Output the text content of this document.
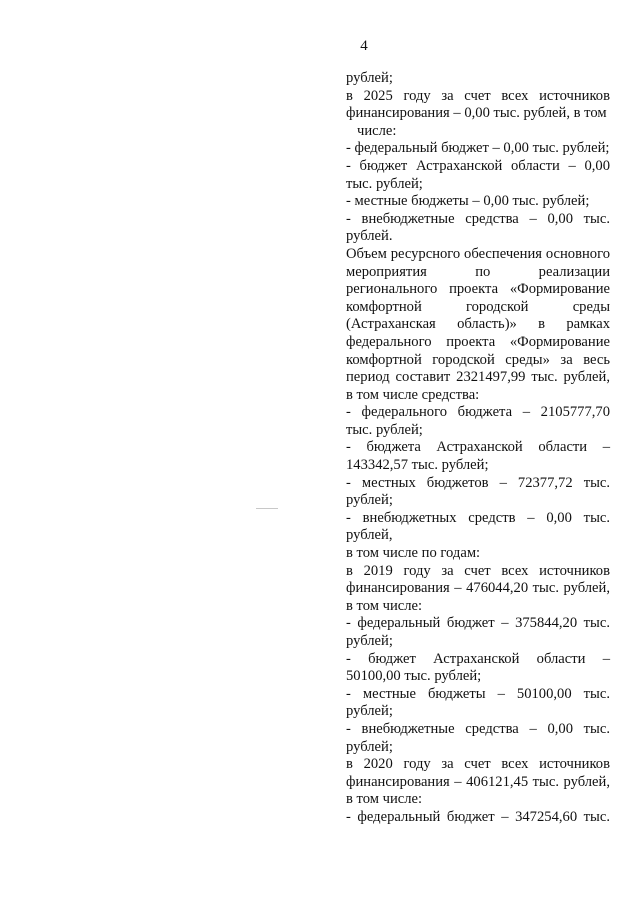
4

рублей;

в 2025 году за счет всех источников финансирования – 0,00 тыс. рублей, в том

числе:

- федеральный бюджет – 0,00 тыс. рублей;

- бюджет Астраханской области – 0,00 тыс. рублей;

- местные бюджеты – 0,00 тыс. рублей;

- внебюджетные средства – 0,00 тыс. рублей.

Объем ресурсного обеспечения основного мероприятия по реализации регионального проекта «Формирование комфортной городской среды (Астраханская область)» в рамках федерального проекта «Формирование комфортной городской среды» за весь период составит 2321497,99 тыс. рублей, в том числе средства:

- федерального бюджета – 2105777,70 тыс. рублей;

- бюджета Астраханской области – 143342,57 тыс. рублей;

- местных бюджетов – 72377,72 тыс. рублей;

- внебюджетных средств – 0,00 тыс. рублей,

в том числе по годам:

в 2019 году за счет всех источников финансирования – 476044,20 тыс. рублей, в том числе:

- федеральный бюджет – 375844,20 тыс. рублей;

- бюджет Астраханской области – 50100,00 тыс. рублей;

- местные бюджеты – 50100,00 тыс. рублей;

- внебюджетные средства – 0,00 тыс. рублей;

в 2020 году за счет всех источников финансирования – 406121,45 тыс. рублей, в том числе:

- федеральный бюджет – 347254,60 тыс.
